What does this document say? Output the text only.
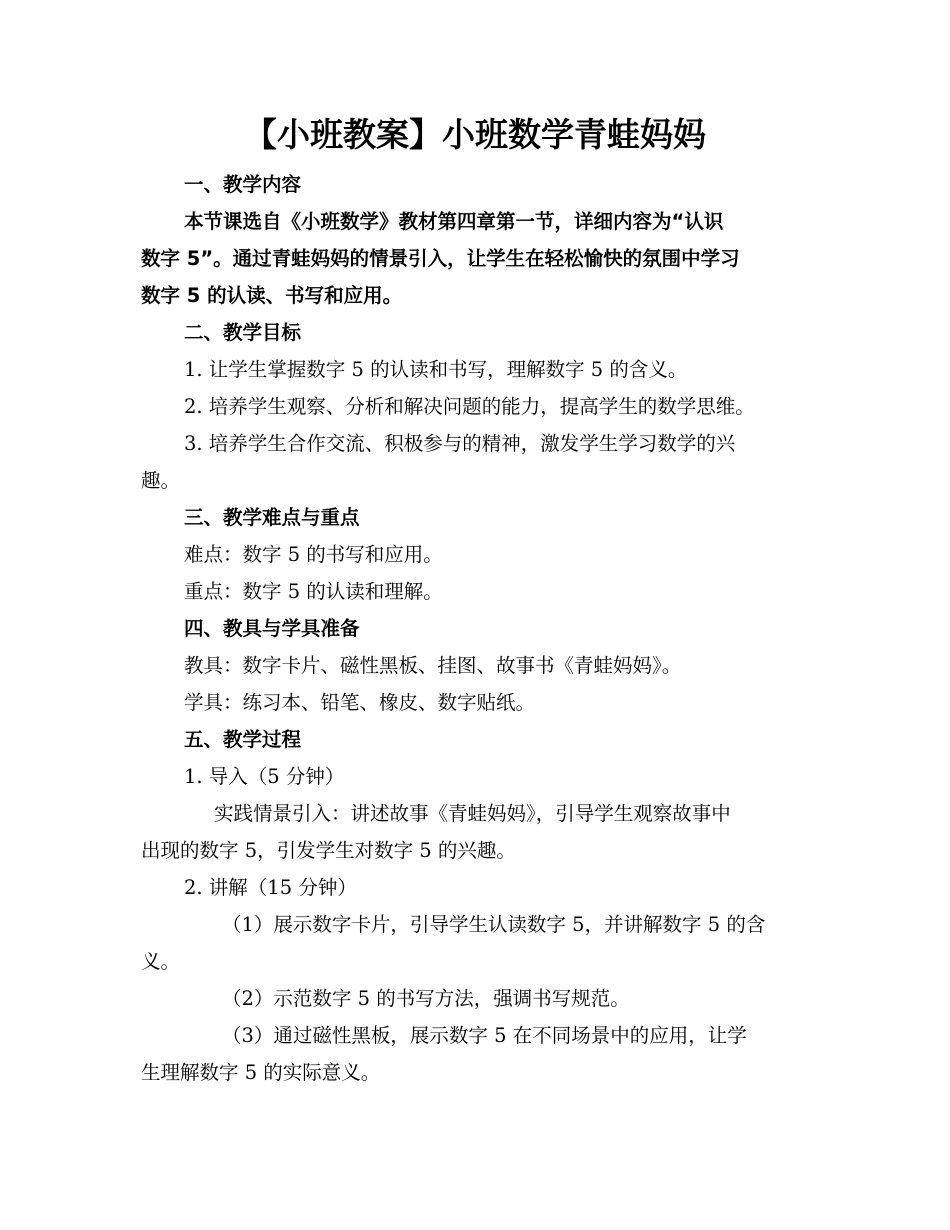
【小班教案】小班数学青蛙妈妈
一、教学内容
本节课选自《小班数学》教材第四章第一节，详细内容为“认识
数字 5”。通过青蛙妈妈的情景引入，让学生在轻松愉快的氛围中学习
数字 5 的认读、书写和应用。
二、教学目标
1. 让学生掌握数字 5 的认读和书写，理解数字 5 的含义。
2. 培养学生观察、分析和解决问题的能力，提高学生的数学思维。
3. 培养学生合作交流、积极参与的精神，激发学生学习数学的兴
趣。
三、教学难点与重点
难点：数字 5 的书写和应用。
重点：数字 5 的认读和理解。
四、教具与学具准备
教具：数字卡片、磁性黑板、挂图、故事书《青蛙妈妈》。
学具：练习本、铅笔、橡皮、数字贴纸。
五、教学过程
1. 导入（5 分钟）
实践情景引入：讲述故事《青蛙妈妈》，引导学生观察故事中
出现的数字 5，引发学生对数字 5 的兴趣。
2. 讲解（15 分钟）
（1）展示数字卡片，引导学生认读数字 5，并讲解数字 5 的含
义。
（2）示范数字 5 的书写方法，强调书写规范。
（3）通过磁性黑板，展示数字 5 在不同场景中的应用，让学
生理解数字 5 的实际意义。
